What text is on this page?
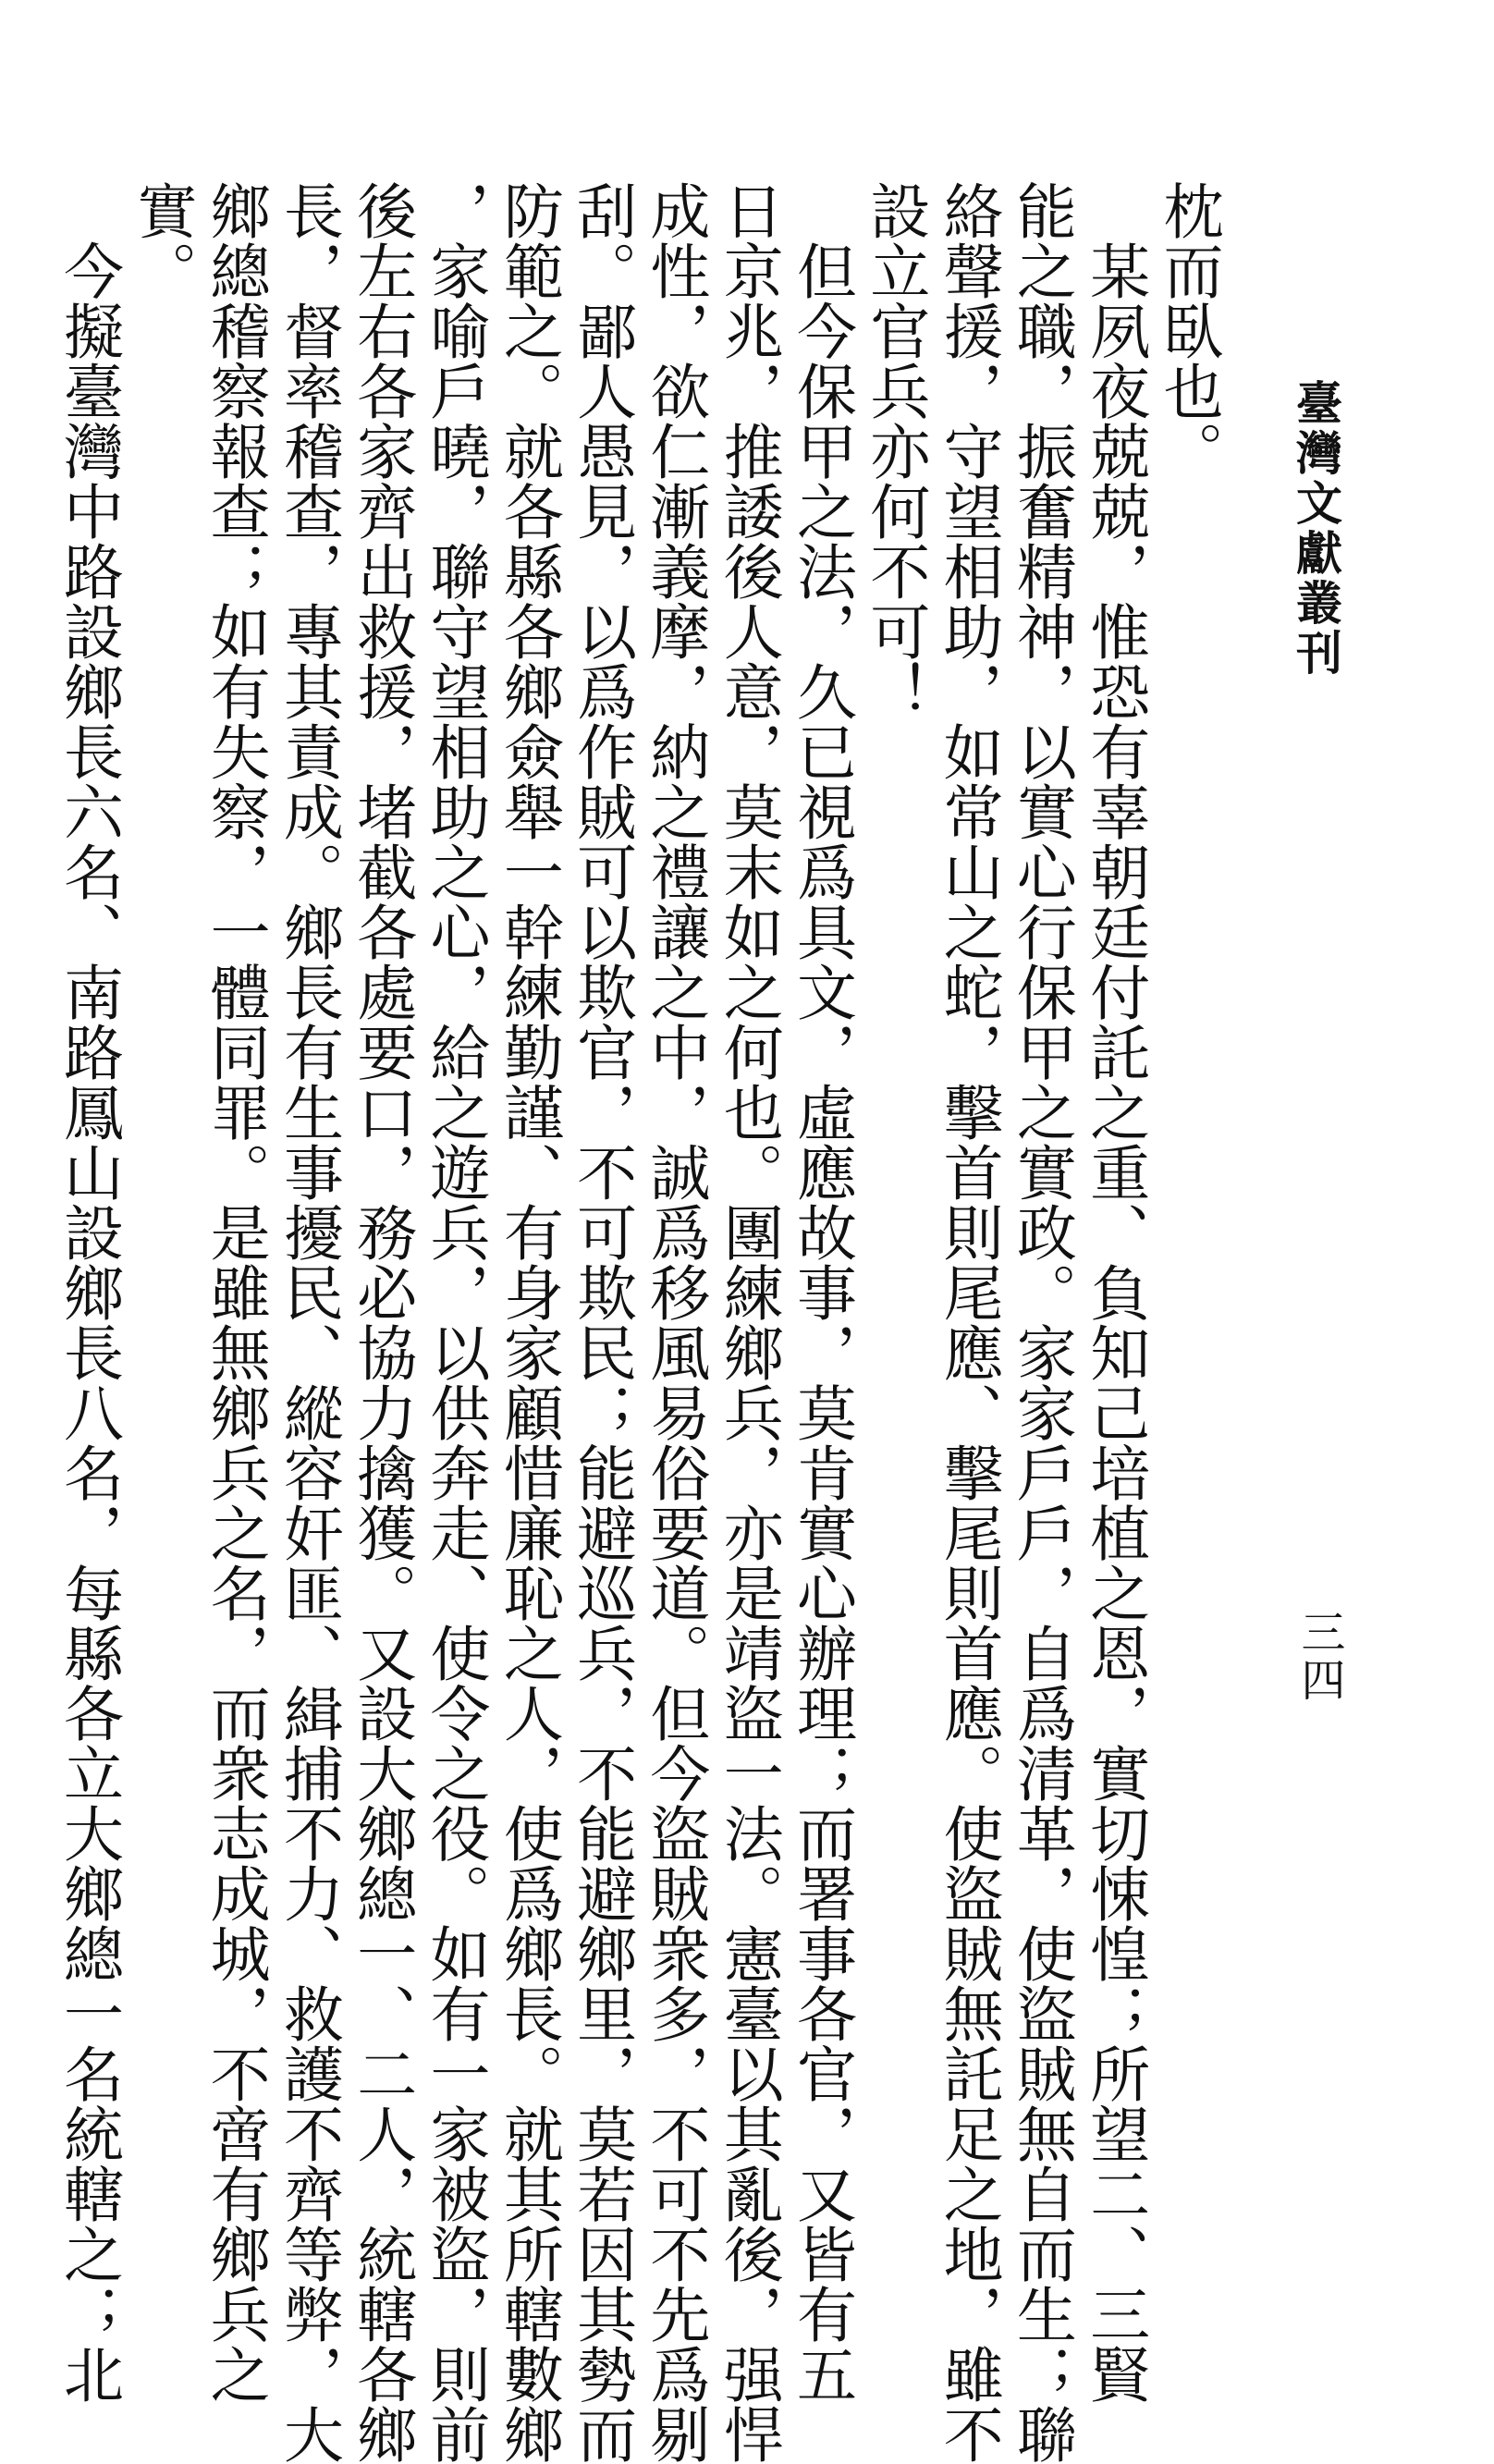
臺灣文獻叢刊
三四
枕而臥也。
　某夙夜兢兢，惟恐有辜朝廷付託之重、負知己培植之恩，實切悚惶；所望二、三賢
能之職，振奮精神，以實心行保甲之實政。家家戶戶，自爲清革，使盜賊無自而生；聯
絡聲援，守望相助，如常山之蛇，擊首則尾應、擊尾則首應。使盜賊無託足之地，雖不
設立官兵亦何不可！
　但今保甲之法，久已視爲具文，虛應故事，莫肯實心辦理；而署事各官，又皆有五
日京兆，推諉後人意，莫末如之何也。團練鄉兵，亦是靖盜一法。憲臺以其亂後，强悍
成性，欲仁漸義摩，納之禮讓之中，誠爲移風易俗要道。但今盜賊衆多，不可不先爲剔
刮。鄙人愚見，以爲作賊可以欺官，不可欺民；能避巡兵，不能避鄉里，莫若因其勢而
防範之。就各縣各鄉僉舉一幹練勤謹、有身家顧惜廉恥之人，使爲鄉長。就其所轄數鄉
，家喻戶曉，聯守望相助之心，給之遊兵，以供奔走、使令之役。如有一家被盜，則前
後左右各家齊出救援，堵截各處要口，務必協力擒獲。又設大鄉總一、二人，統轄各鄉
長，督率稽查，專其責成。鄉長有生事擾民、縱容奸匪、緝捕不力、救護不齊等弊，大
鄉總稽察報查；如有失察，一體同罪。是雖無鄉兵之名，而衆志成城，不啻有鄉兵之
實。
　今擬臺灣中路設鄉長六名、南路鳳山設鄉長八名，每縣各立大鄉總一名統轄之；北
